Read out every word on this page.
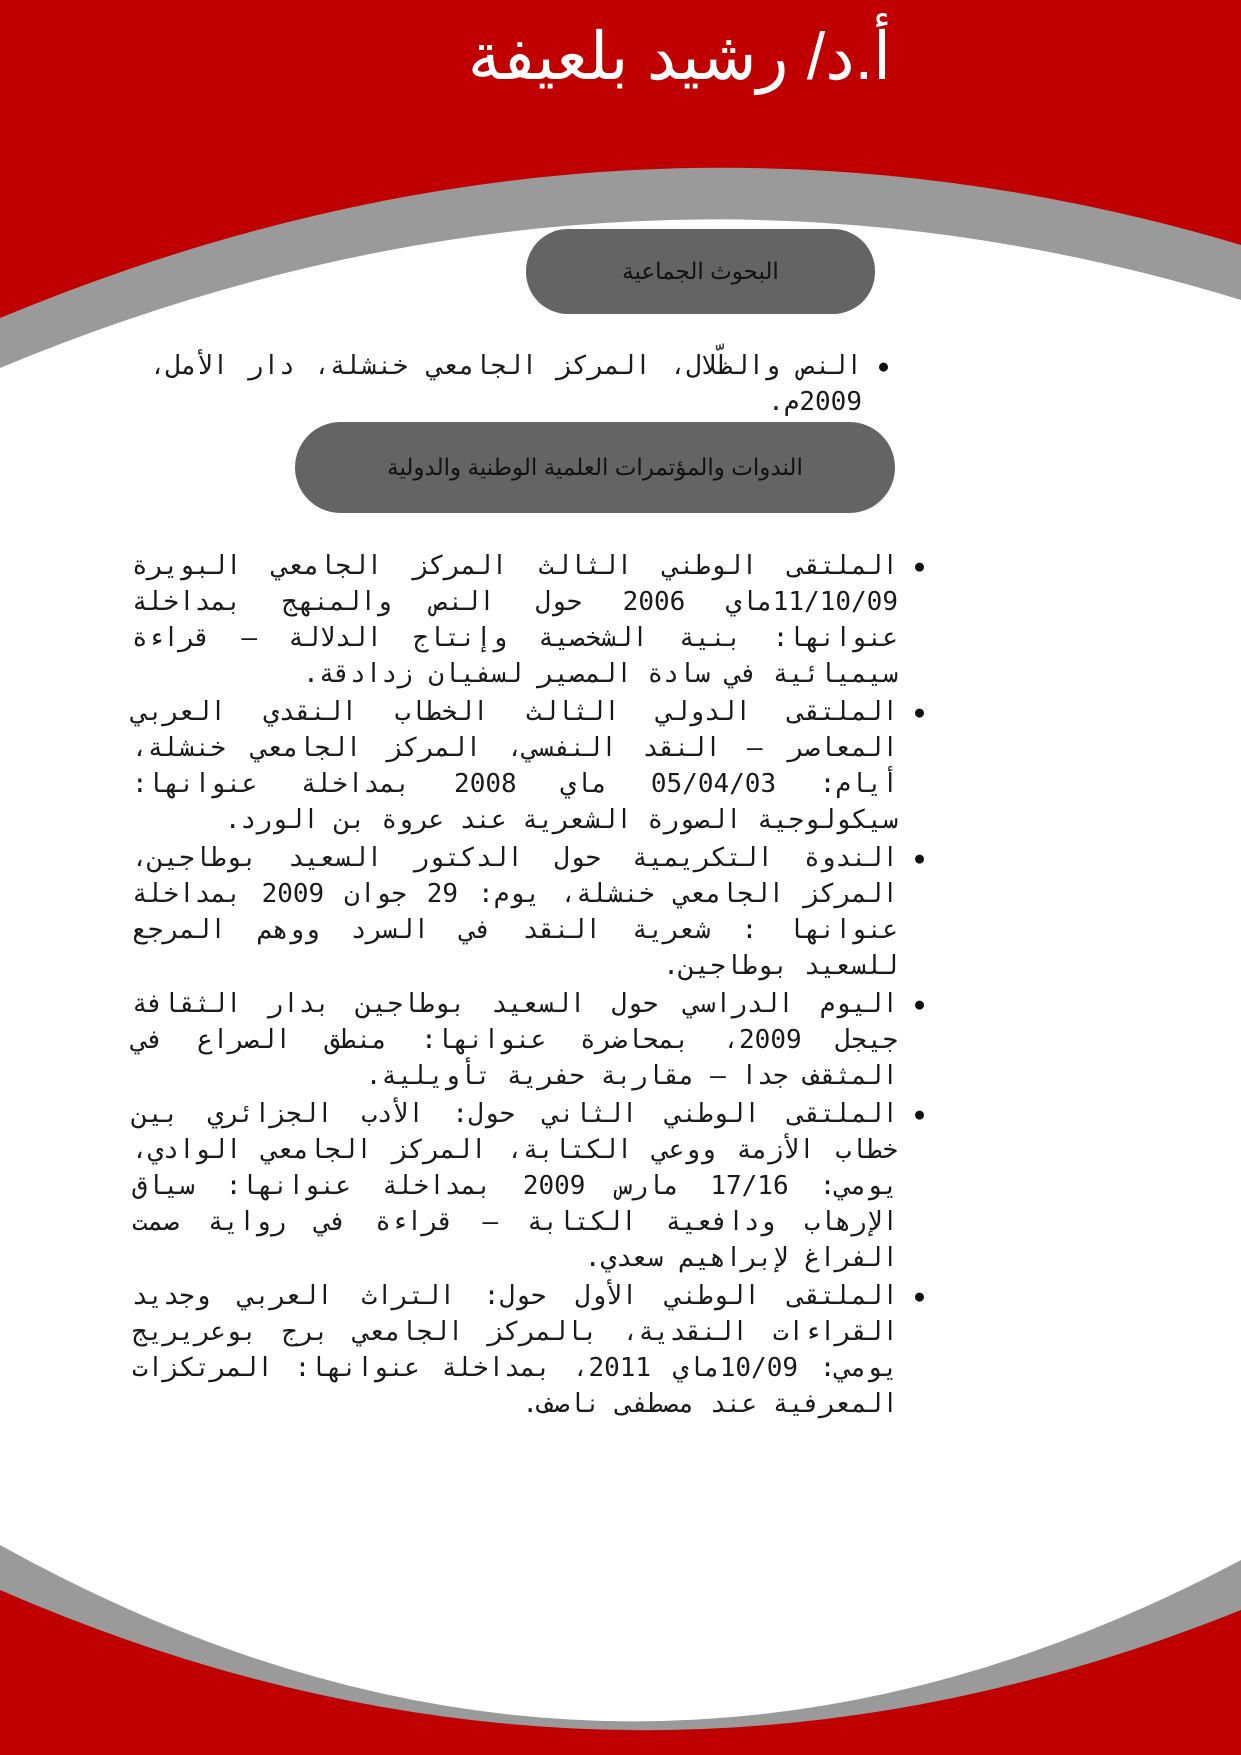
أ.د/ رشيد بلعيفة
البحوث الجماعية
● النص والظّلال، المركز الجامعي خنشلة، دار الأمل، 2009م.
الندوات والمؤتمرات العلمية الوطنية والدولية
● الملتقى الوطني الثالث المركز الجامعي البويرة 11/10/09ماي 2006 حول النص والمنهج بمداخلة عنوانها: بنية الشخصية وإنتاج الدلالة – قراءة سيميائية في سادة المصير لسفيان زدادقة.
● الملتقى الدولي الثالث الخطاب النقدي العربي المعاصر – النقد النفسي، المركز الجامعي خنشلة، أيام: 05/04/03 ماي 2008 بمداخلة عنوانها: سيكولوجية الصورة الشعرية عند عروة بن الورد.
● الندوة التكريمية حول الدكتور السعيد بوطاجين، المركز الجامعي خنشلة، يوم: 29 جوان 2009 بمداخلة عنوانها : شعرية النقد في السرد ووهم المرجع للسعيد بوطاجين.
● اليوم الدراسي حول السعيد بوطاجين بدار الثقافة جيجل 2009، بمحاضرة عنوانها: منطق الصراع في المثقف جدا – مقاربة حفرية تأويلية.
● الملتقى الوطني الثاني حول: الأدب الجزائري بين خطاب الأزمة ووعي الكتابة، المركز الجامعي الوادي، يومي: 17/16 مارس 2009 بمداخلة عنوانها: سياق الإرهاب ودافعية الكتابة – قراءة في رواية صمت الفراغ لإبراهيم سعدي.
● الملتقى الوطني الأول حول: التراث العربي وجديد القراءات النقدية، بالمركز الجامعي برج بوعريريج يومي: 10/09ماي 2011، بمداخلة عنوانها: المرتكزات المعرفية عند مصطفى ناصف.
